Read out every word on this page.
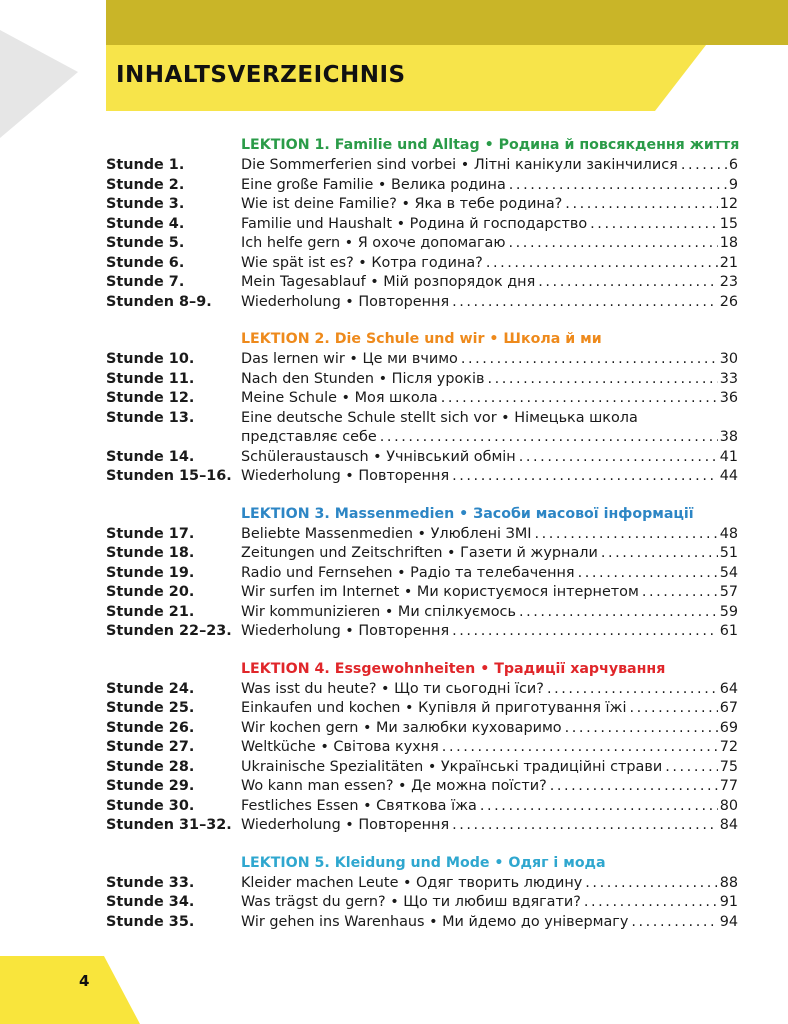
INHALTSVERZEICHNIS
4
LEKTION 1. Familie und Alltag • Родина й повсякдення життя
Stunde 1.	Die Sommerferien sind vorbei • Літні канікули закінчилися . . .	6
Stunde 2.	Eine große Familie • Велика родина . . .	9
Stunde 3.	Wie ist deine Familie? • Яка в тебе родина? . . .	12
Stunde 4.	Familie und Haushalt • Родина й господарство . . .	15
Stunde 5.	Ich helfe gern • Я охоче допомагаю . . .	18
Stunde 6.	Wie spät ist es? • Котра година? . . .	21
Stunde 7.	Mein Tagesablauf • Мій розпорядок дня . . .	23
Stunden 8–9.	Wiederholung • Повторення . . .	26
LEKTION 2. Die Schule und wir • Школа й ми
Stunde 10.	Das lernen wir • Це ми вчимо . . .	30
Stunde 11.	Nach den Stunden • Після уроків . . .	33
Stunde 12.	Meine Schule • Моя школа . . .	36
Stunde 13.	Eine deutsche Schule stellt sich vor • Німецька школа
представляє себе . . .	38
Stunde 14.	Schüleraustausch • Учнівський обмін . . .	41
Stunden 15–16. Wiederholung • Повторення . . .	44
LEKTION 3. Massenmedien • Засоби масової інформації
Stunde 17.	Beliebte Massenmedien • Улюблені ЗМІ . . .	48
Stunde 18.	Zeitungen und Zeitschriften • Газети й журнали . . .	51
Stunde 19.	Radio und Fernsehen • Радіо та телебачення . . .	54
Stunde 20.	Wir surfen im Internet • Ми користуємося інтернетом . . .	57
Stunde 21.	Wir kommunizieren • Ми спілкуємось . . .	59
Stunden 22–23. Wiederholung • Повторення . . .	61
LEKTION 4. Essgewohnheiten • Традиції харчування
Stunde 24.	Was isst du heute? • Що ти сьогодні їси? . . .	64
Stunde 25.	Einkaufen und kochen • Купівля й приготування їжі . . .	67
Stunde 26.	Wir kochen gern • Ми залюбки куховаримо . . .	69
Stunde 27.	Weltküche • Світова кухня . . .	72
Stunde 28.	Ukrainische Spezialitäten • Українські традиційні страви . . .	75
Stunde 29.	Wo kann man essen? • Де можна поїсти? . . .	77
Stunde 30.	Festliches Essen • Святкова їжа . . .	80
Stunden 31–32. Wiederholung • Повторення . . .	84
LEKTION 5. Kleidung und Mode • Одяг і мода
Stunde 33.	Kleider machen Leute • Одяг творить людину . . .	88
Stunde 34.	Was trägst du gern? • Що ти любиш вдягати? . . .	91
Stunde 35.	Wir gehen ins Warenhaus • Ми йдемо до універмагу . . .	94
